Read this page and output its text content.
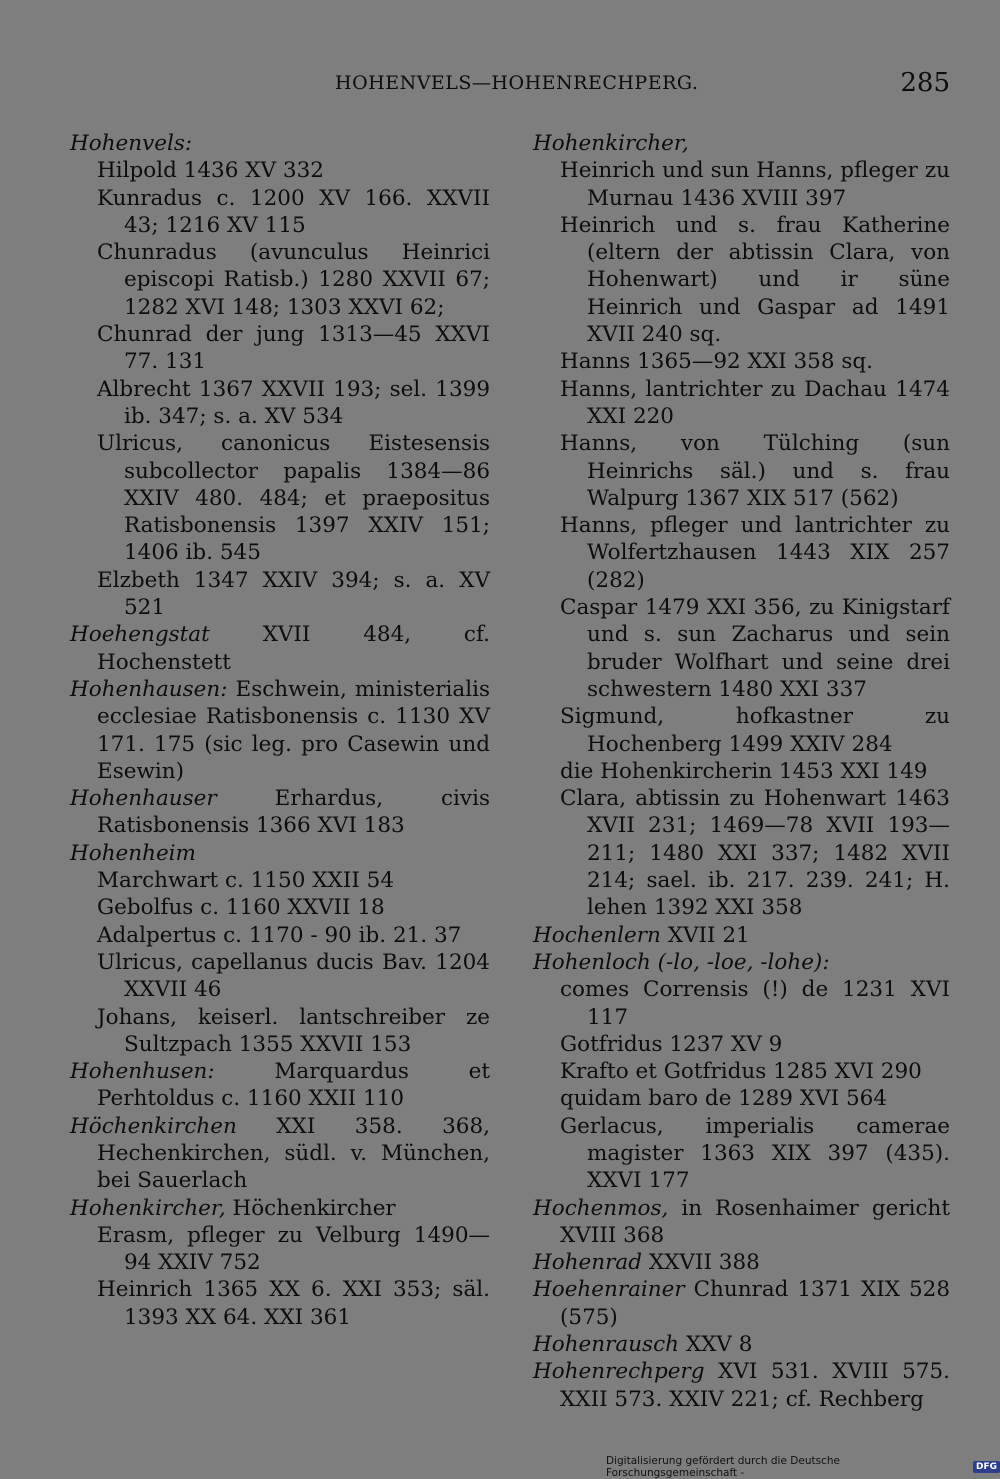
HOHENVELS—HOHENRECHPERG.	285
Hohenvels:
Hilpold 1436 XV 332
Kunradus c. 1200 XV 166. XXVII 43; 1216 XV 115
Chunradus (avunculus Heinrici episcopi Ratisb.) 1280 XXVII 67; 1282 XVI 148; 1303 XXVI 62;
Chunrad der jung 1313—45 XXVI 77. 131
Albrecht 1367 XXVII 193; sel. 1399 ib. 347; s. a. XV 534
Ulricus, canonicus Eistesensis subcollector papalis 1384—86 XXIV 480. 484; et praepositus Ratisbonensis 1397 XXIV 151; 1406 ib. 545
Elzbeth 1347 XXIV 394; s. a. XV 521
Hoehengstat XVII 484, cf. Hochenstett
Hohenhausen: Eschwein, ministerialis ecclesiae Ratisbonensis c. 1130 XV 171. 175 (sic leg. pro Casewin und Esewin)
Hohenhauser Erhardus, civis Ratisbonensis 1366 XVI 183
Hohenheim
Marchwart c. 1150 XXII 54
Gebolfus c. 1160 XXVII 18
Adalpertus c. 1170 - 90 ib. 21. 37
Ulricus, capellanus ducis Bav. 1204 XXVII 46
Johans, keiserl. lantschreiber ze Sultzpach 1355 XXVII 153
Hohenhusen: Marquardus et Perhtoldus c. 1160 XXII 110
Höchenkirchen XXI 358. 368, Hechenkirchen, südl. v. München, bei Sauerlach
Hohenkircher, Höchenkircher
Erasm, pfleger zu Velburg 1490—94 XXIV 752
Heinrich 1365 XX 6. XXI 353; säl. 1393 XX 64. XXI 361
Hohenkircher,
Heinrich und sun Hanns, pfleger zu Murnau 1436 XVIII 397
Heinrich und s. frau Katherine (eltern der abtissin Clara, von Hohenwart) und ir süne Heinrich und Gaspar ad 1491 XVII 240 sq.
Hanns 1365—92 XXI 358 sq.
Hanns, lantrichter zu Dachau 1474 XXI 220
Hanns, von Tülching (sun Heinrichs säl.) und s. frau Walpurg 1367 XIX 517 (562)
Hanns, pfleger und lantrichter zu Wolfertzhausen 1443 XIX 257 (282)
Caspar 1479 XXI 356, zu Kinigstarf und s. sun Zacharus und sein bruder Wolfhart und seine drei schwestern 1480 XXI 337
Sigmund, hofkastner zu Hochenberg 1499 XXIV 284
die Hohenkircherin 1453 XXI 149
Clara, abtissin zu Hohenwart 1463 XVII 231; 1469—78 XVII 193—211; 1480 XXI 337; 1482 XVII 214; sael. ib. 217. 239. 241; H. lehen 1392 XXI 358
Hochenlern XVII 21
Hohenloch (-lo, -loe, -lohe):
comes Corrensis (!) de 1231 XVI 117
Gotfridus 1237 XV 9
Krafto et Gotfridus 1285 XVI 290
quidam baro de 1289 XVI 564
Gerlacus, imperialis camerae magister 1363 XIX 397 (435). XXVI 177
Hochenmos, in Rosenhaimer gericht XVIII 368
Hohenrad XXVII 388
Hoehenrainer Chunrad 1371 XIX 528 (575)
Hohenrausch XXV 8
Hohenrechperg XVI 531. XVIII 575. XXII 573. XXIV 221; cf. Rechberg
Digitalisierung gefördert durch die Deutsche Forschungsgemeinschaft -	DFG
